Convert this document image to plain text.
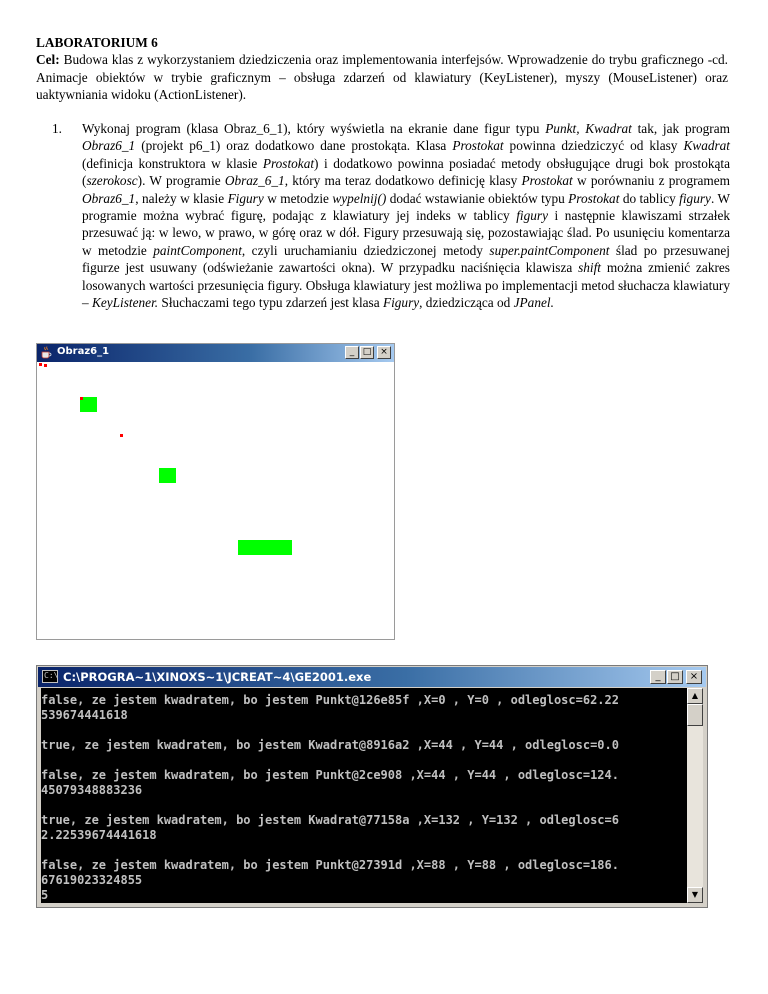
LABORATORIUM 6

Cel: Budowa klas z wykorzystaniem dziedziczenia oraz implementowania interfejsów. Wprowadzenie do trybu graficznego -cd. Animacje obiektów w trybie graficznym – obsługa zdarzeń od klawiatury (KeyListener), myszy (MouseListener) oraz uaktywniania widoku (ActionListener).

1. Wykonaj program (klasa Obraz_6_1), który wyświetla na ekranie dane figur typu Punkt, Kwadrat tak, jak program Obraz6_1 (projekt p6_1) oraz dodatkowo dane prostokąta. Klasa Prostokat powinna dziedziczyć od klasy Kwadrat (definicja konstruktora w klasie Prostokat) i dodatkowo powinna posiadać metody obsługujące drugi bok prostokąta (szerokosc). W programie Obraz_6_1, który ma teraz dodatkowo definicję klasy Prostokat w porównaniu z programem Obraz6_1, należy w klasie Figury w metodzie wypelnij() dodać wstawianie obiektów typu Prostokat do tablicy figury. W programie można wybrać figurę, podając z klawiatury jej indeks w tablicy figury i następnie klawiszami strzałek przesuwać ją: w lewo, w prawo, w górę oraz w dół. Figury przesuwają się, pozostawiając ślad. Po usunięciu komentarza w metodzie paintComponent, czyli uruchamianiu dziedziczonej metody super.paintComponent ślad po przesuwanej figurze jest usuwany (odświeżanie zawartości okna). W przypadku naciśnięcia klawisza shift można zmienić zakres losowanych wartości przesunięcia figury. Obsługa klawiatury jest możliwa po implementacji metod słuchacza klawiatury – KeyListener. Słuchaczami tego typu zdarzeń jest klasa Figury, dziedzicząca od JPanel.
Obraz6_1	_ □ ×
C:\ C:\PROGRA~1\XINOXS~1\JCREAT~4\GE2001.exe	_ □	×
false, ze jestem kwadratem, bo jestem Punkt@126e85f ,X=0 , Y=0 , odleglosc=62.22
539674441618
true, ze jestem kwadratem, bo jestem Kwadrat@8916a2 ,X=44 , Y=44 , odleglosc=0.0
false, ze jestem kwadratem, bo jestem Punkt@2ce908 ,X=44 , Y=44 , odleglosc=124.
45079348883236
true, ze jestem kwadratem, bo jestem Kwadrat@77158a ,X=132 , Y=132 , odleglosc=6
2.22539674441618
false, ze jestem kwadratem, bo jestem Punkt@27391d ,X=88 , Y=88 , odleglosc=186.
67619023324855
5
▲
▼
